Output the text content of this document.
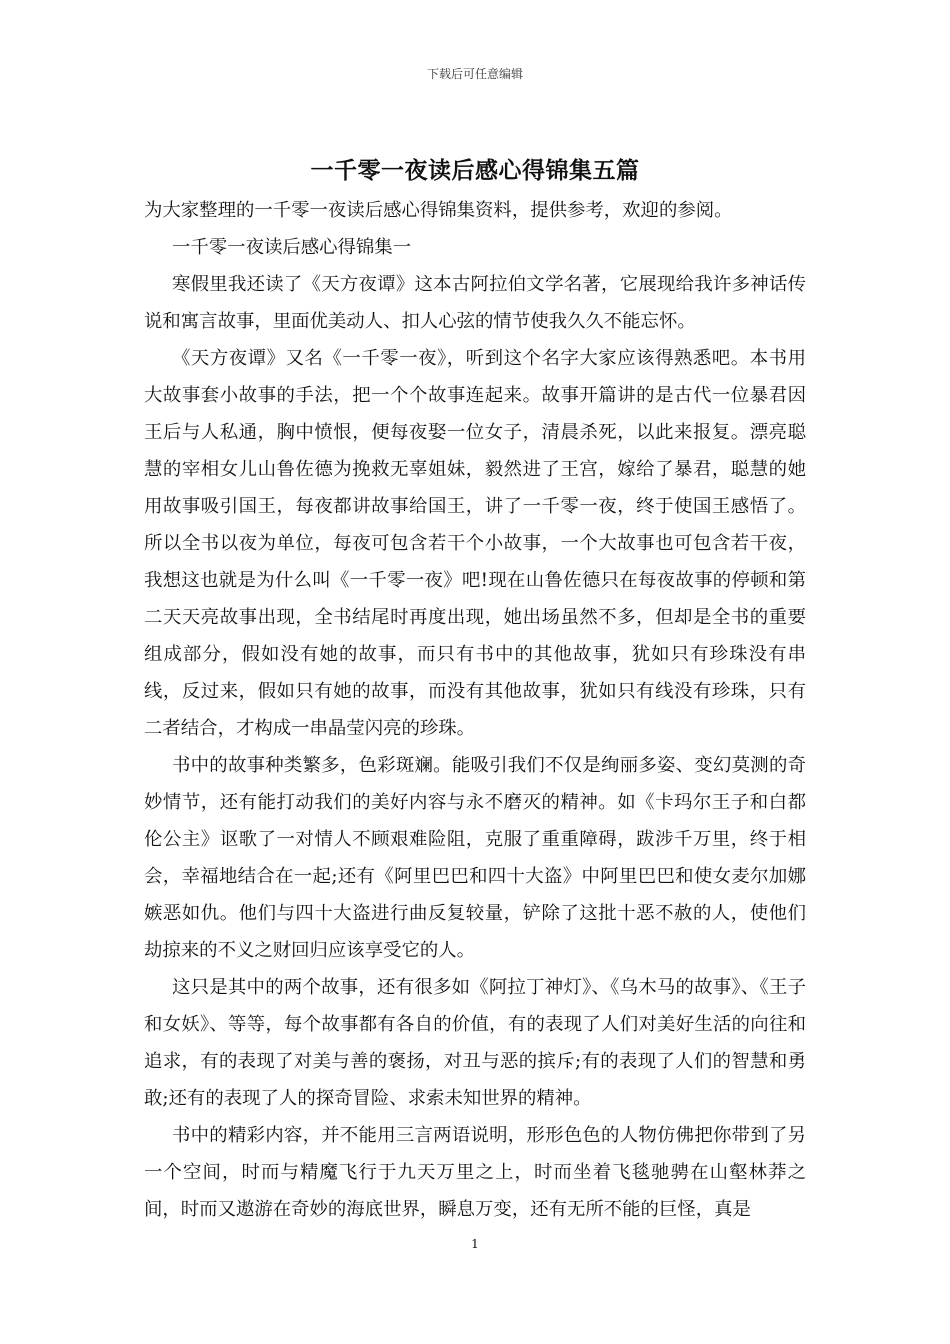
下载后可任意编辑
一千零一夜读后感心得锦集五篇

为大家整理的一千零一夜读后感心得锦集资料，提供参考，欢迎的参阅。

一千零一夜读后感心得锦集一

寒假里我还读了《天方夜谭》这本古阿拉伯文学名著，它展现给我许多神话传说和寓言故事，里面优美动人、扣人心弦的情节使我久久不能忘怀。

《天方夜谭》又名《一千零一夜》，听到这个名字大家应该得熟悉吧。本书用大故事套小故事的手法，把一个个故事连起来。故事开篇讲的是古代一位暴君因王后与人私通，胸中愤恨，便每夜娶一位女子，清晨杀死，以此来报复。漂亮聪慧的宰相女儿山鲁佐德为挽救无辜姐妹，毅然进了王宫，嫁给了暴君，聪慧的她用故事吸引国王，每夜都讲故事给国王，讲了一千零一夜，终于使国王感悟了。所以全书以夜为单位，每夜可包含若干个小故事，一个大故事也可包含若干夜，我想这也就是为什么叫《一千零一夜》吧!现在山鲁佐德只在每夜故事的停顿和第二天天亮故事出现，全书结尾时再度出现，她出场虽然不多，但却是全书的重要组成部分，假如没有她的故事，而只有书中的其他故事，犹如只有珍珠没有串线，反过来，假如只有她的故事，而没有其他故事，犹如只有线没有珍珠，只有二者结合，才构成一串晶莹闪亮的珍珠。

书中的故事种类繁多，色彩斑斓。能吸引我们不仅是绚丽多姿、变幻莫测的奇妙情节，还有能打动我们的美好内容与永不磨灭的精神。如《卡玛尔王子和白都伦公主》讴歌了一对情人不顾艰难险阻，克服了重重障碍，跋涉千万里，终于相会，幸福地结合在一起;还有《阿里巴巴和四十大盗》中阿里巴巴和使女麦尔加娜嫉恶如仇。他们与四十大盗进行曲反复较量，铲除了这批十恶不赦的人，使他们劫掠来的不义之财回归应该享受它的人。

这只是其中的两个故事，还有很多如《阿拉丁神灯》、《乌木马的故事》、《王子和女妖》、等等，每个故事都有各自的价值，有的表现了人们对美好生活的向往和追求，有的表现了对美与善的褒扬，对丑与恶的摈斥;有的表现了人们的智慧和勇敢;还有的表现了人的探奇冒险、求索未知世界的精神。

书中的精彩内容，并不能用三言两语说明，形形色色的人物仿佛把你带到了另一个空间，时而与精魔飞行于九天万里之上，时而坐着飞毯驰骋在山壑林莽之间，时而又遨游在奇妙的海底世界，瞬息万变，还有无所不能的巨怪，真是

1
